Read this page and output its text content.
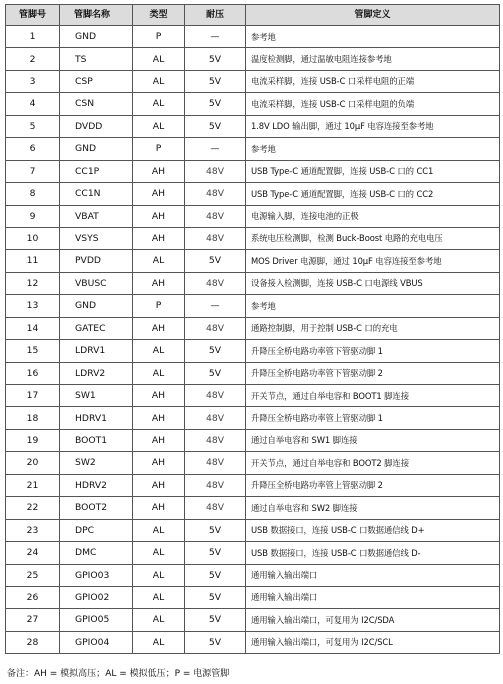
管脚号	管脚名称	类型	耐压	管脚定义
1	GND	P	—	参考地
2	TS	AL	5V	温度检测脚，通过温敏电阻连接参考地
3	CSP	AL	5V	电流采样脚，连接 USB-C 口采样电阻的正端
4	CSN	AL	5V	电流采样脚，连接 USB-C 口采样电阻的负端
5	DVDD	AL	5V	1.8V LDO 输出脚，通过 10μF 电容连接至参考地
6	GND	P	—	参考地
7	CC1P	AH	48V	USB Type-C 通道配置脚，连接 USB-C 口的 CC1
8	CC1N	AH	48V	USB Type-C 通道配置脚，连接 USB-C 口的 CC2
9	VBAT	AH	48V	电源输入脚，连接电池的正极
10	VSYS	AH	48V	系统电压检测脚，检测 Buck-Boost 电路的充电电压
11	PVDD	AL	5V	MOS Driver 电源脚，通过 10μF 电容连接至参考地
12	VBUSC	AH	48V	设备接入检测脚，连接 USB-C 口电源线 VBUS
13	GND	P	—	参考地
14	GATEC	AH	48V	通路控制脚，用于控制 USB-C 口的充电
15	LDRV1	AL	5V	升降压全桥电路功率管下管驱动脚 1
16	LDRV2	AL	5V	升降压全桥电路功率管下管驱动脚 2
17	SW1	AH	48V	开关节点，通过自举电容和 BOOT1 脚连接
18	HDRV1	AH	48V	升降压全桥电路功率管上管驱动脚 1
19	BOOT1	AH	48V	通过自举电容和 SW1 脚连接
20	SW2	AH	48V	开关节点，通过自举电容和 BOOT2 脚连接
21	HDRV2	AH	48V	升降压全桥电路功率管上管驱动脚 2
22	BOOT2	AH	48V	通过自举电容和 SW2 脚连接
23	DPC	AL	5V	USB 数据接口，连接 USB-C 口数据通信线 D+
24	DMC	AL	5V	USB 数据接口，连接 USB-C 口数据通信线 D-
25	GPIO03	AL	5V	通用输入输出端口
26	GPIO02	AL	5V	通用输入输出端口
27	GPIO05	AL	5V	通用输入输出端口，可复用为 I2C/SDA
28	GPIO04	AL	5V	通用输入输出端口，可复用为 I2C/SCL
备注：AH = 模拟高压；AL = 模拟低压；P = 电源管脚
